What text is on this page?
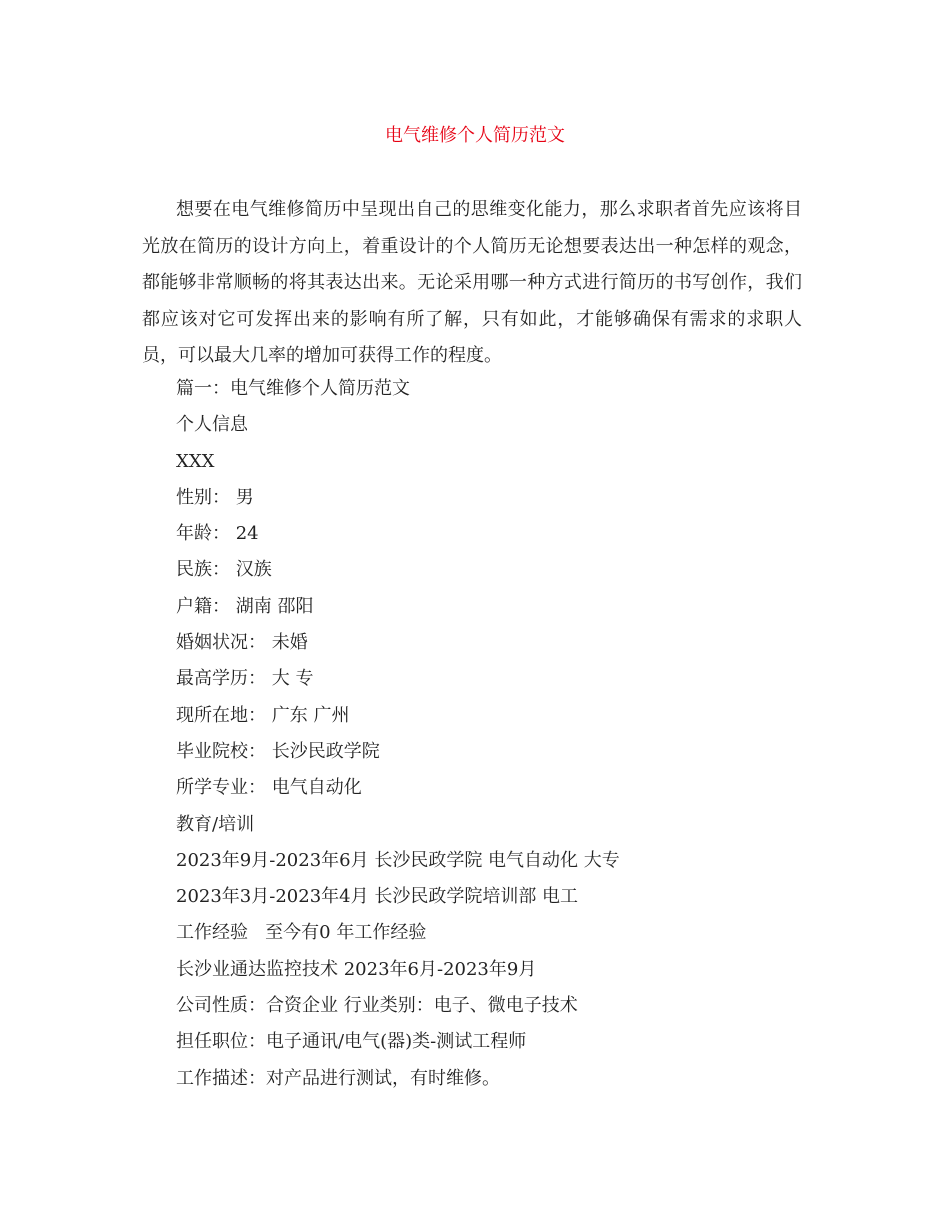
电气维修个人简历范文

想要在电气维修简历中呈现出自己的思维变化能力，那么求职者首先应该将目光放在简历的设计方向上，着重设计的个人简历无论想要表达出一种怎样的观念，都能够非常顺畅的将其表达出来。无论采用哪一种方式进行简历的书写创作，我们都应该对它可发挥出来的影响有所了解，只有如此，才能够确保有需求的求职人员，可以最大几率的增加可获得工作的程度。

篇一：电气维修个人简历范文
个人信息
XXX
性别： 男
年龄： 24
民族： 汉族
户籍： 湖南 邵阳
婚姻状况： 未婚
最高学历： 大 专
现所在地： 广东 广州
毕业院校： 长沙民政学院
所学专业： 电气自动化
教育/培训
2023年9月-2023年6月 长沙民政学院 电气自动化 大专
2023年3月-2023年4月 长沙民政学院培训部 电工
工作经验   至今有0 年工作经验
长沙业通达监控技术 2023年6月-2023年9月
公司性质：合资企业 行业类别：电子、微电子技术
担任职位：电子通讯/电气(器)类-测试工程师
工作描述：对产品进行测试，有时维修。
